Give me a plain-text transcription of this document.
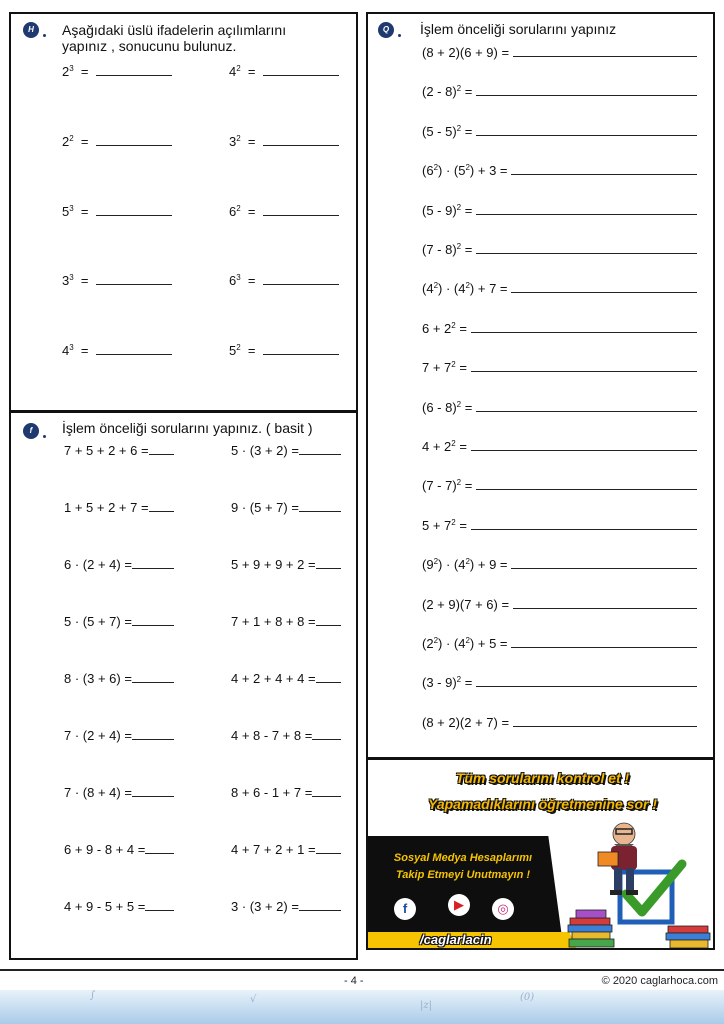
H	Aşağıdaki üslü ifadelerin açılımlarını
yapınız , sonucunu bulunuz.
$2^3$  =
$2^2$  =
$5^3$  =
$3^3$  =
$4^3$  =
$4^2$  =
$3^2$  =
$6^2$  =
$6^3$  =
$5^2$  =
f	İşlem önceliği sorularını yapınız. ( basit )
7 + 5 + 2 + 6 =
1 + 5 + 2 + 7 =
6 · (2 + 4) =
5 · (5 + 7) =
8 · (3 + 6) =
7 · (2 + 4) =
7 · (8 + 4) =
6 + 9 - 8 + 4 =
4 + 9 - 5 + 5 =
5 · (3 + 2) =
9 · (5 + 7) =
5 + 9 + 9 + 2 =
7 + 1 + 8 + 8 =
4 + 2 + 4 + 4 =
4 + 8 - 7 + 8 =
8 + 6 - 1 + 7 =
4 + 7 + 2 + 1 =
3 · (3 + 2) =
Q	İşlem önceliği sorularını yapınız
(8 + 2)(6 + 9) =
(2 - 8)$^2$ =
(5 - 5)$^2$ =
$(6^2) \cdot (5^2) + 3$ =
(5 - 9)$^2$ =
(7 - 8)$^2$ =
$(4^2) \cdot (4^2) + 7$ =
$6 + 2^2$ =
$7 + 7^2$ =
(6 - 8)$^2$ =
$4 + 2^2$ =
(7 - 7)$^2$ =
$5 + 7^2$ =
$(9^2) \cdot (4^2) + 9$ =
(2 + 9)(7 + 6) =
$(2^2) \cdot (4^2) + 5$ =
(3 - 9)$^2$ =
(8 + 2)(2 + 7) =
Tüm sorularını kontrol et !
Yapamadıklarını öğretmenine sor !
Sosyal Medya Hesaplarımı
Takip Etmeyi Unutmayın !
f	▶	◎
/caglarlacin
- 4 -	© 2020 caglarhoca.com
∫	√
|z|
(0)
